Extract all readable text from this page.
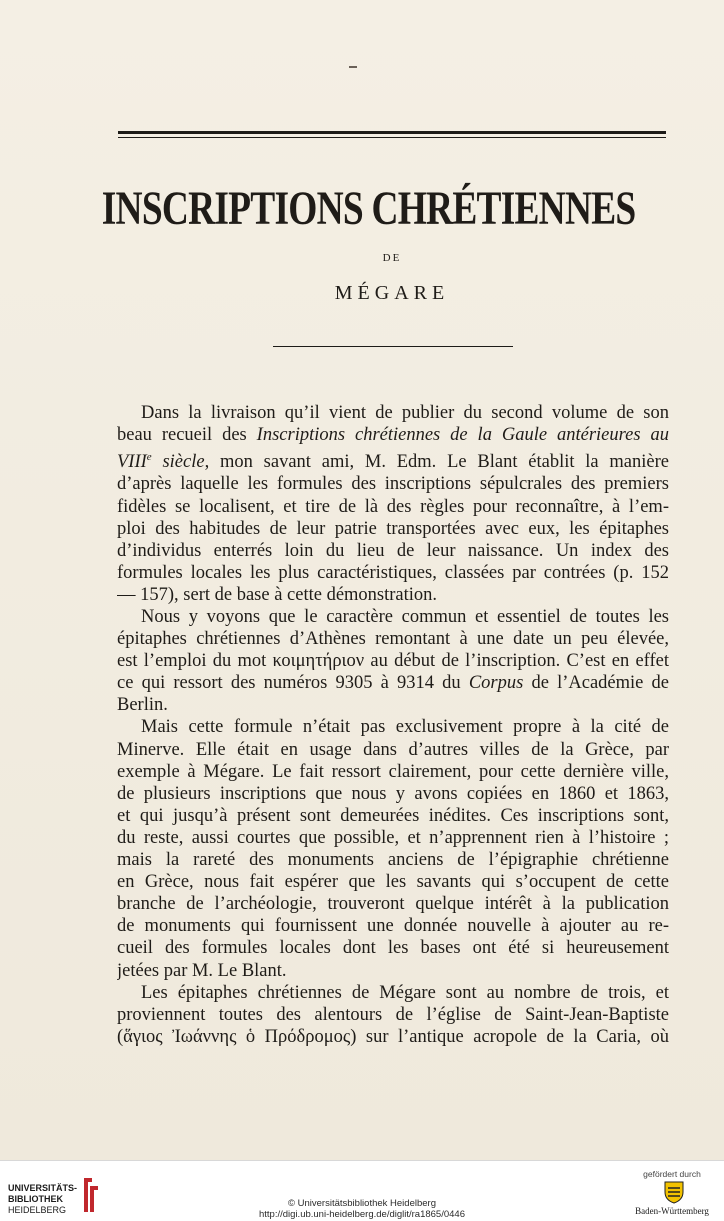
INSCRIPTIONS CHRÉTIENNES
DE
MÉGARE
Dans la livraison qu’il vient de publier du second volume de son
beau recueil des Inscriptions chrétiennes de la Gaule antérieures au
VIIIe siècle, mon savant ami, M. Edm. Le Blant établit la manière
d’après laquelle les formules des inscriptions sépulcrales des premiers
fidèles se localisent, et tire de là des règles pour reconnaître, à l’em-
ploi des habitudes de leur patrie transportées avec eux, les épitaphes
d’individus enterrés loin du lieu de leur naissance. Un index des
formules locales les plus caractéristiques, classées par contrées (p. 152
— 157), sert de base à cette démonstration.
Nous y voyons que le caractère commun et essentiel de toutes les
épitaphes chrétiennes d’Athènes remontant à une date un peu élevée,
est l’emploi du mot κοιμητήριον au début de l’inscription. C’est en effet
ce qui ressort des numéros 9305 à 9314 du Corpus de l’Académie de
Berlin.
Mais cette formule n’était pas exclusivement propre à la cité de
Minerve. Elle était en usage dans d’autres villes de la Grèce, par
exemple à Mégare. Le fait ressort clairement, pour cette dernière ville,
de plusieurs inscriptions que nous y avons copiées en 1860 et 1863,
et qui jusqu’à présent sont demeurées inédites. Ces inscriptions sont,
du reste, aussi courtes que possible, et n’apprennent rien à l’histoire ;
mais la rareté des monuments anciens de l’épigraphie chrétienne
en Grèce, nous fait espérer que les savants qui s’occupent de cette
branche de l’archéologie, trouveront quelque intérêt à la publication
de monuments qui fournissent une donnée nouvelle à ajouter au re-
cueil des formules locales dont les bases ont été si heureusement
jetées par M. Le Blant.
Les épitaphes chrétiennes de Mégare sont au nombre de trois, et
proviennent toutes des alentours de l’église de Saint-Jean-Baptiste
(ἅγιος Ἰωάννης ὁ Πρόδρομος) sur l’antique acropole de la Caria, où
UNIVERSITÄTS-
BIBLIOTHEK
HEIDELBERG
© Universitätsbibliothek Heidelberg
http://digi.ub.uni-heidelberg.de/diglit/ra1865/0446
gefördert durch
Baden-Württemberg
